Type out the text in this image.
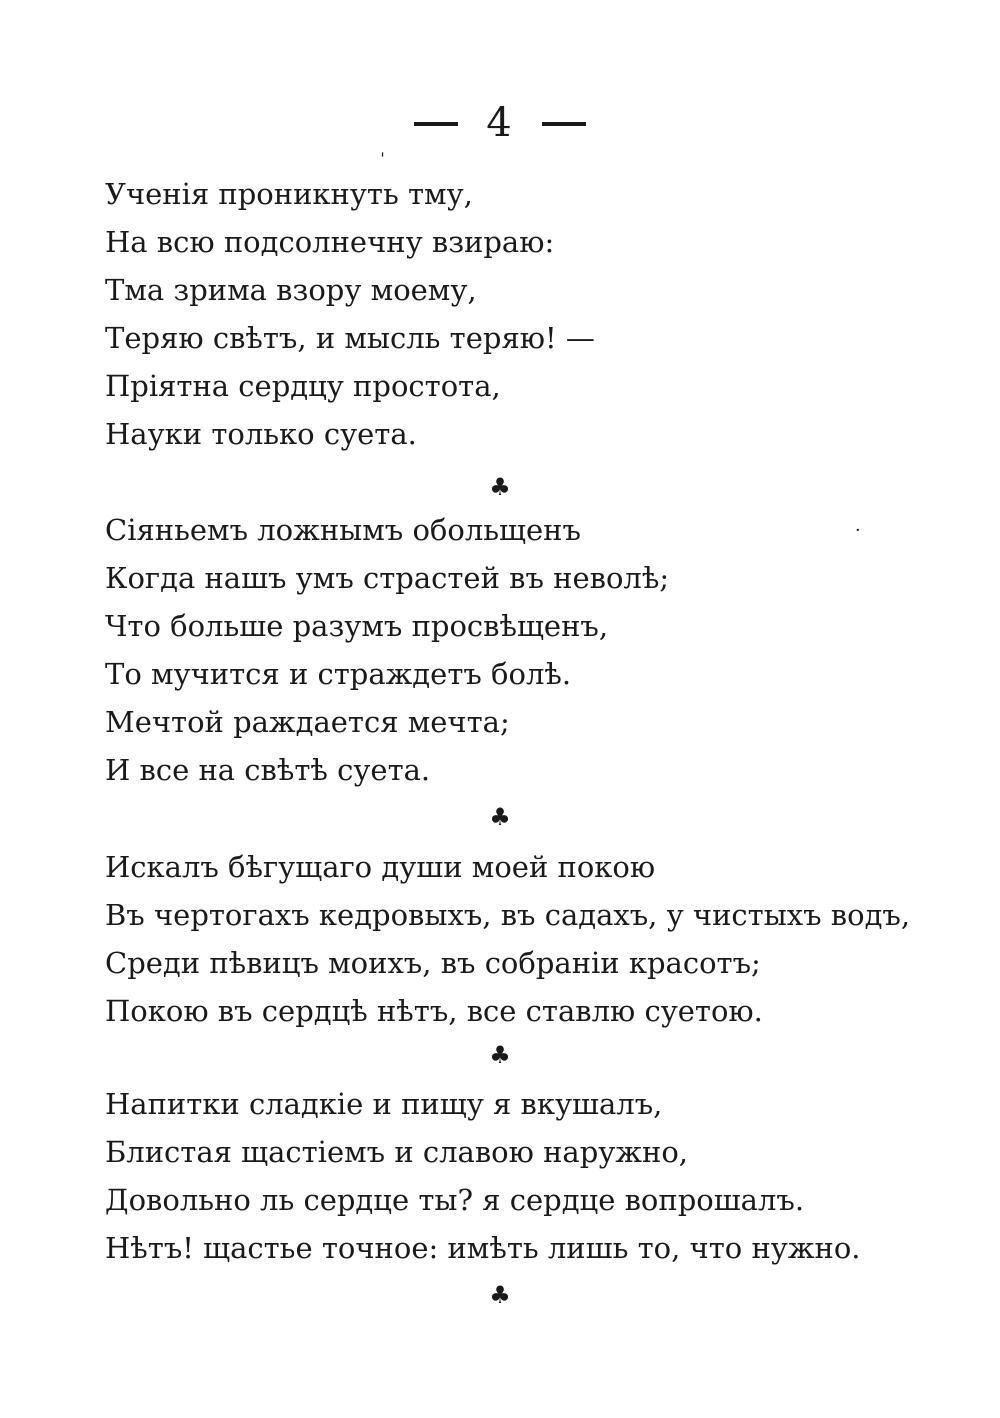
4
ˈ
·
Ученія проникнуть тму,
На всю подсолнечну взираю:
Тма зрима взору моему,
Теряю свѣтъ, и мысль теряю! —
Пріятна сердцу простота,
Науки только суета.
♣
Сіяньемъ ложнымъ обольщенъ
Когда нашъ умъ страстей въ неволѣ;
Что больше разумъ просвѣщенъ,
То мучится и страждетъ болѣ.
Мечтой раждается мечта;
И все на свѣтѣ суета.
♣
Искалъ бѣгущаго души моей покою
Въ чертогахъ кедровыхъ, въ садахъ, у чистыхъ водъ,
Среди пѣвицъ моихъ, въ собраніи красотъ;
Покою въ сердцѣ нѣтъ, все ставлю суетою.
♣
Напитки сладкіе и пищу я вкушалъ,
Блистая щастіемъ и славою наружно,
Довольно ль сердце ты? я сердце вопрошалъ.
Нѣтъ! щастье точное: имѣть лишь то, что нужно.
♣
